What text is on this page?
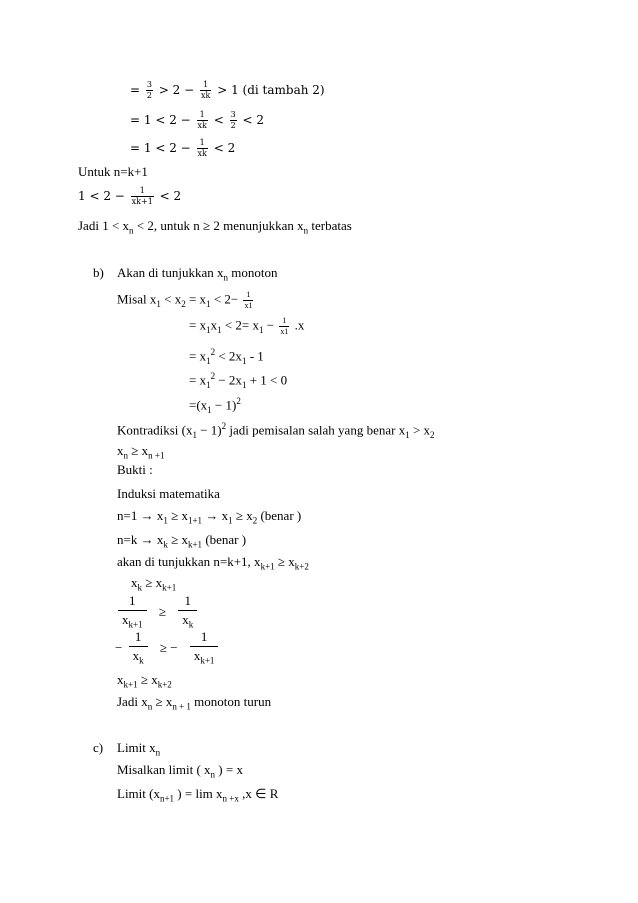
= $\frac{3}{2} > 2 - \frac{1}{xk} > 1$ (di tambah 2)
= $1 < 2 - \frac{1}{xk} < \frac{3}{2} < 2$
= $1 < 2 - \frac{1}{xk} < 2$
Untuk n=k+1
$1 < 2 - \frac{1}{xk+1} < 2$
Jadi $1 < x_n < 2$, untuk n ≥ 2 menunjukkan $x_n$ terbatas
b) Akan di tunjukkan $x_n$ monoton
Misal $x_1 < x_2 = x_1 < 2- \frac{1}{x1}$
= $x_1x_1 < 2= x_1 - \frac{1}{x1} .x$
= $x_1^2 < 2x_1 - 1$
= $x_1^2 - 2x_1 + 1 < 0$
$=(x_1 - 1)^2$
Kontradiksi $(x_1 - 1)^2$ jadi pemisalan salah yang benar $x_1 > x_2$
$x_n \ge x_n$ $_{+1}$
Bukti :
Induksi matematika
$n=1 \to x_1 \ge x_{1+1} \to x_1 \ge x_2$ (benar )
$n=k \to x_k \ge x_{k+1}$ (benar )
akan di tunjukkan n=k+1, $x_{k+1} \ge x_{k+2}$
$x_k \ge x_{k+1}$
$\frac{1}{x_{k+1}} \ge \frac{1}{x_k}$
− $\frac{1}{x_k}$ ≥ − $\frac{1}{x_{k+1}}$
$x_{k+1} \ge x_{k+2}$
Jadi $x_n \ge x_{n + 1}$ monoton turun
c) Limit $x_n$
Misalkan limit ( $x_n$ ) = x
Limit ($x_{n+1}$ ) = $\lim x_{n +x}$ ,x ∈ R
